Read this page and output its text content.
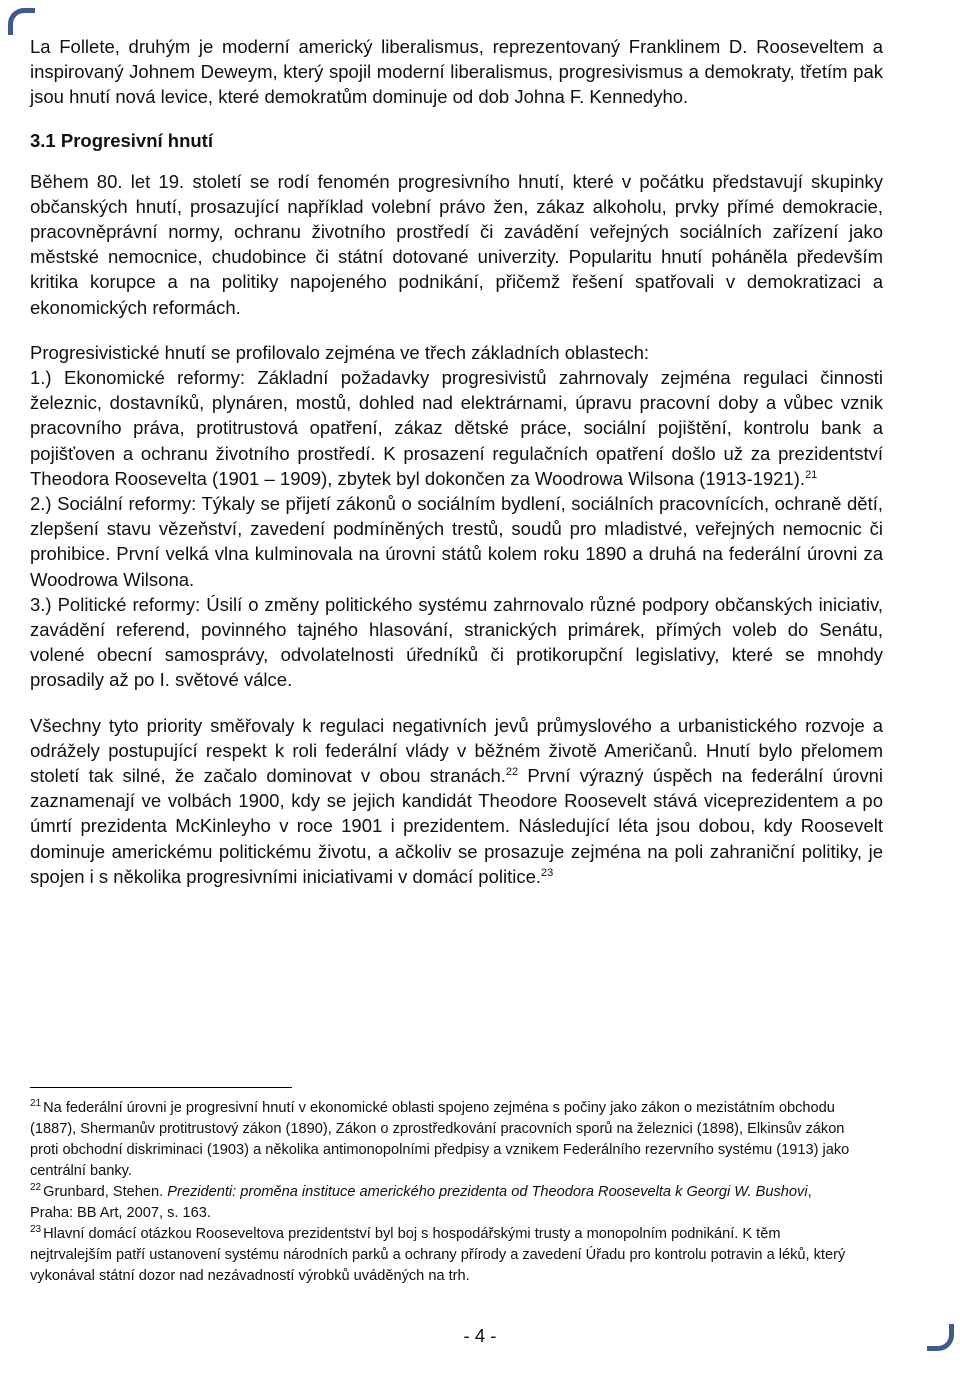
La Follete, druhým je moderní americký liberalismus, reprezentovaný Franklinem D. Rooseveltem a inspirovaný Johnem Deweym, který spojil moderní liberalismus, progresivismus a demokraty, třetím pak jsou hnutí nová levice, které demokratům dominuje od dob Johna F. Kennedyho.

3.1 Progresivní hnutí

Během 80. let 19. století se rodí fenomén progresivního hnutí, které v počátku představují skupinky občanských hnutí, prosazující například volební právo žen, zákaz alkoholu, prvky přímé demokracie, pracovněprávní normy, ochranu životního prostředí či zavádění veřejných sociálních zařízení jako městské nemocnice, chudobince či státní dotované univerzity. Popularitu hnutí poháněla především kritika korupce a na politiky napojeného podnikání, přičemž řešení spatřovali v demokratizaci a ekonomických reformách.

Progresivistické hnutí se profilovalo zejména ve třech základních oblastech:

1.) Ekonomické reformy: Základní požadavky progresivistů zahrnovaly zejména regulaci činnosti železnic, dostavníků, plynáren, mostů, dohled nad elektrárnami, úpravu pracovní doby a vůbec vznik pracovního práva, protitrustová opatření, zákaz dětské práce, sociální pojištění, kontrolu bank a pojišťoven a ochranu životního prostředí. K prosazení regulačních opatření došlo už za prezidentství Theodora Roosevelta (1901 – 1909), zbytek byl dokončen za Woodrowa Wilsona (1913-1921).$^{21}$

2.) Sociální reformy: Týkaly se přijetí zákonů o sociálním bydlení, sociálních pracovnících, ochraně dětí, zlepšení stavu vězeňství, zavedení podmíněných trestů, soudů pro mladistvé, veřejných nemocnic či prohibice. První velká vlna kulminovala na úrovni států kolem roku 1890 a druhá na federální úrovni za Woodrowa Wilsona.

3.) Politické reformy: Úsilí o změny politického systému zahrnovalo různé podpory občanských iniciativ, zavádění referend, povinného tajného hlasování, stranických primárek, přímých voleb do Senátu, volené obecní samosprávy, odvolatelnosti úředníků či protikorupční legislativy, které se mnohdy prosadily až po I. světové válce.

Všechny tyto priority směřovaly k regulaci negativních jevů průmyslového a urbanistického rozvoje a odrážely postupující respekt k roli federální vlády v běžném životě Američanů. Hnutí bylo přelomem století tak silné, že začalo dominovat v obou stranách.$^{22}$ První výrazný úspěch na federální úrovni zaznamenají ve volbách 1900, kdy se jejich kandidát Theodore Roosevelt stává viceprezidentem a po úmrtí prezidenta McKinleyho v roce 1901 i prezidentem. Následující léta jsou dobou, kdy Roosevelt dominuje americkému politickému životu, a ačkoliv se prosazuje zejména na poli zahraniční politiky, je spojen i s několika progresivními iniciativami v domácí politice.$^{23}$

$^{21}$ Na federální úrovni je progresivní hnutí v ekonomické oblasti spojeno zejména s počiny jako zákon o mezistátním obchodu (1887), Shermanův protitrustový zákon (1890), Zákon o zprostředkování pracovních sporů na železnici (1898), Elkinsův zákon proti obchodní diskriminaci (1903) a několika antimonopolními předpisy a vznikem Federálního rezervního systému (1913) jako centrální banky.

$^{22}$ Grunbard, Stehen. Prezidenti: proměna instituce amerického prezidenta od Theodora Roosevelta k Georgi W. Bushovi, Praha: BB Art, 2007, s. 163.

$^{23}$ Hlavní domácí otázkou Rooseveltova prezidentství byl boj s hospodářskými trusty a monopolním podnikání. K těm nejtrvalejším patří ustanovení systému národních parků a ochrany přírody a zavedení Úřadu pro kontrolu potravin a léků, který vykonával státní dozor nad nezávadností výrobků uváděných na trh.

- 4 -
